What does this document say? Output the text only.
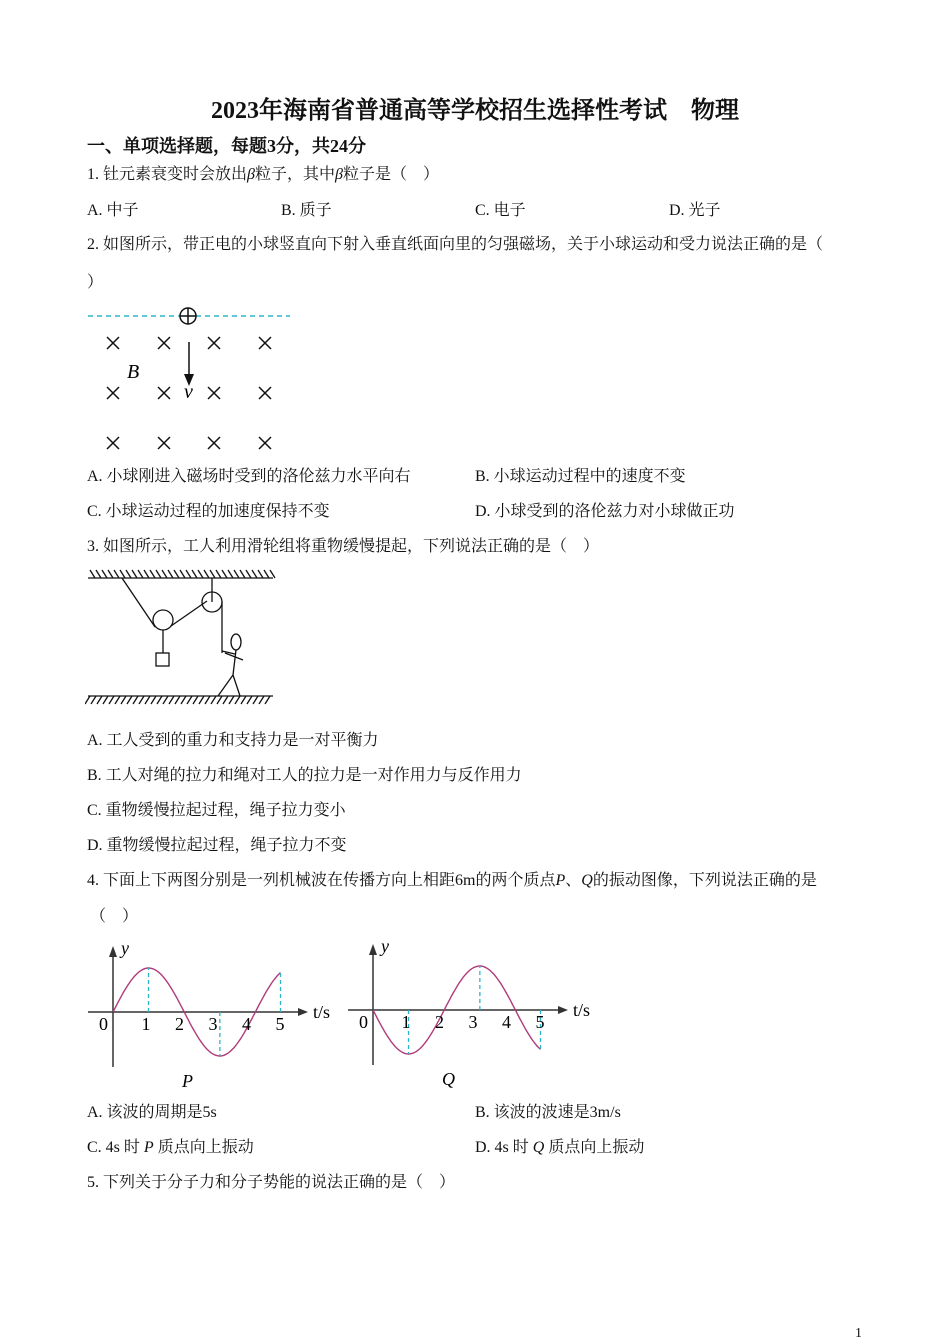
2023年海南省普通高等学校招生选择性考试　物理
一、单项选择题，每题3分，共24分
1. 钍元素衰变时会放出β粒子，其中β粒子是（　）
A. 中子	B. 质子	C. 电子	D. 光子
2. 如图所示，带正电的小球竖直向下射入垂直纸面向里的匀强磁场，关于小球运动和受力说法正确的是（
）
B
v
A. 小球刚进入磁场时受到的洛伦兹力水平向右	B. 小球运动过程中的速度不变
C. 小球运动过程的加速度保持不变	D. 小球受到的洛伦兹力对小球做正功
3. 如图所示，工人利用滑轮组将重物缓慢提起，下列说法正确的是（　）
A. 工人受到的重力和支持力是一对平衡力
B. 工人对绳的拉力和绳对工人的拉力是一对作用力与反作用力
C. 重物缓慢拉起过程，绳子拉力变小
D. 重物缓慢拉起过程，绳子拉力不变
4. 下面上下两图分别是一列机械波在传播方向上相距6m的两个质点P、Q的振动图像，下列说法正确的是
（　）
0 1 2 3 4 5
y
t/s
P
0 1 2 3 4 5
y
t/s
Q
A. 该波的周期是5s	B. 该波的波速是3m/s
C. 4s 时 P 质点向上振动	D. 4s 时 Q 质点向上振动
5. 下列关于分子力和分子势能的说法正确的是（　）
1
